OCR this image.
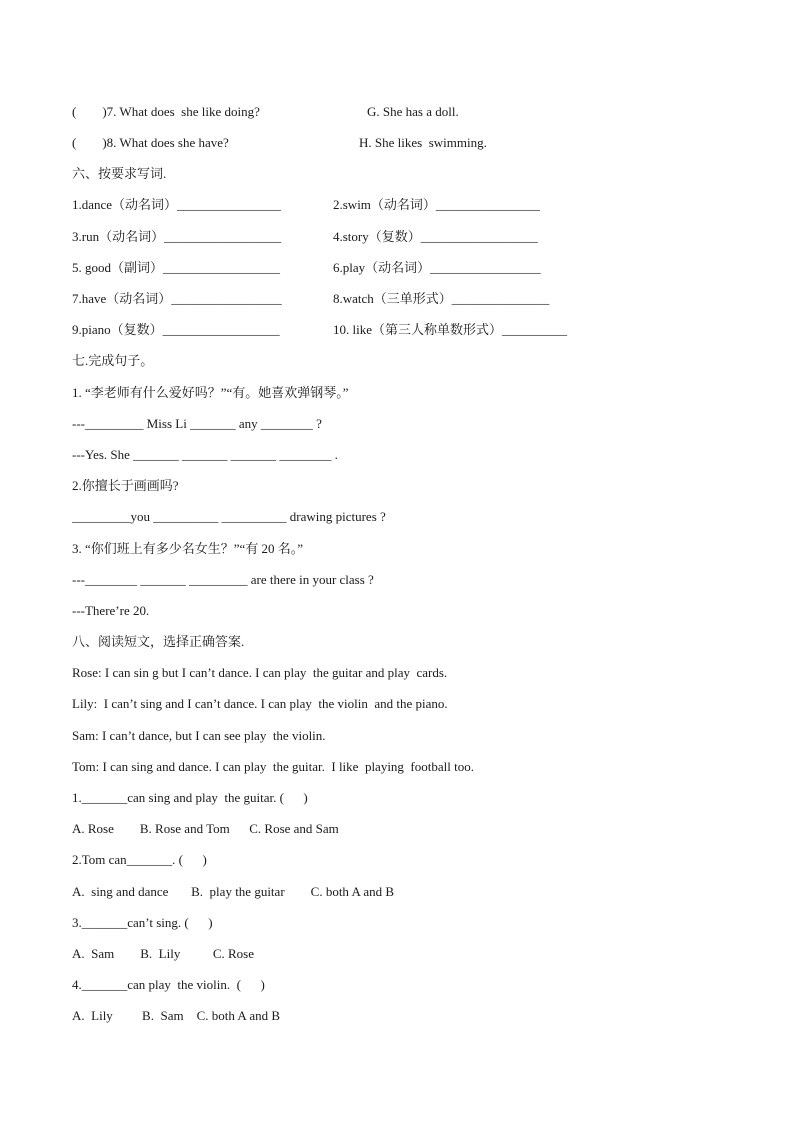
(        )7. What does  she like doing?	G. She has a doll.
(        )8. What does she have?	H. She likes  swimming.
六、按要求写词.
1.dance（动名词）________________	2.swim（动名词）________________
3.run（动名词）__________________	4.story（复数）__________________
5. good（副词）__________________	6.play（动名词）_________________
7.have（动名词）_________________	8.watch（三单形式）_______________
9.piano（复数）__________________	10. like（第三人称单数形式）__________
七.完成句子。
1. “李老师有什么爱好吗？”“有。她喜欢弹钢琴。”
---_________ Miss Li _______ any ________ ?
---Yes. She _______ _______ _______ ________ .
2.你擅长于画画吗?
_________you __________ __________ drawing pictures ?
3. “你们班上有多少名女生？”“有 20 名。”
---________ _______ _________ are there in your class ?
---There’re 20.
八、阅读短文，选择正确答案.
Rose: I can sin g but I can’t dance. I can play  the guitar and play  cards.
Lily:  I can’t sing and I can’t dance. I can play  the violin  and the piano.
Sam: I can’t dance, but I can see play  the violin.
Tom: I can sing and dance. I can play  the guitar.  I like  playing  football too.
1._______can sing and play  the guitar. (      )
A. Rose        B. Rose and Tom      C. Rose and Sam
2.Tom can_______. (      )
A.  sing and dance       B.  play the guitar        C. both A and B
3._______can’t sing. (      )
A.  Sam        B.  Lily          C. Rose
4._______can play  the violin.  (      )
A.  Lily         B.  Sam    C. both A and B
